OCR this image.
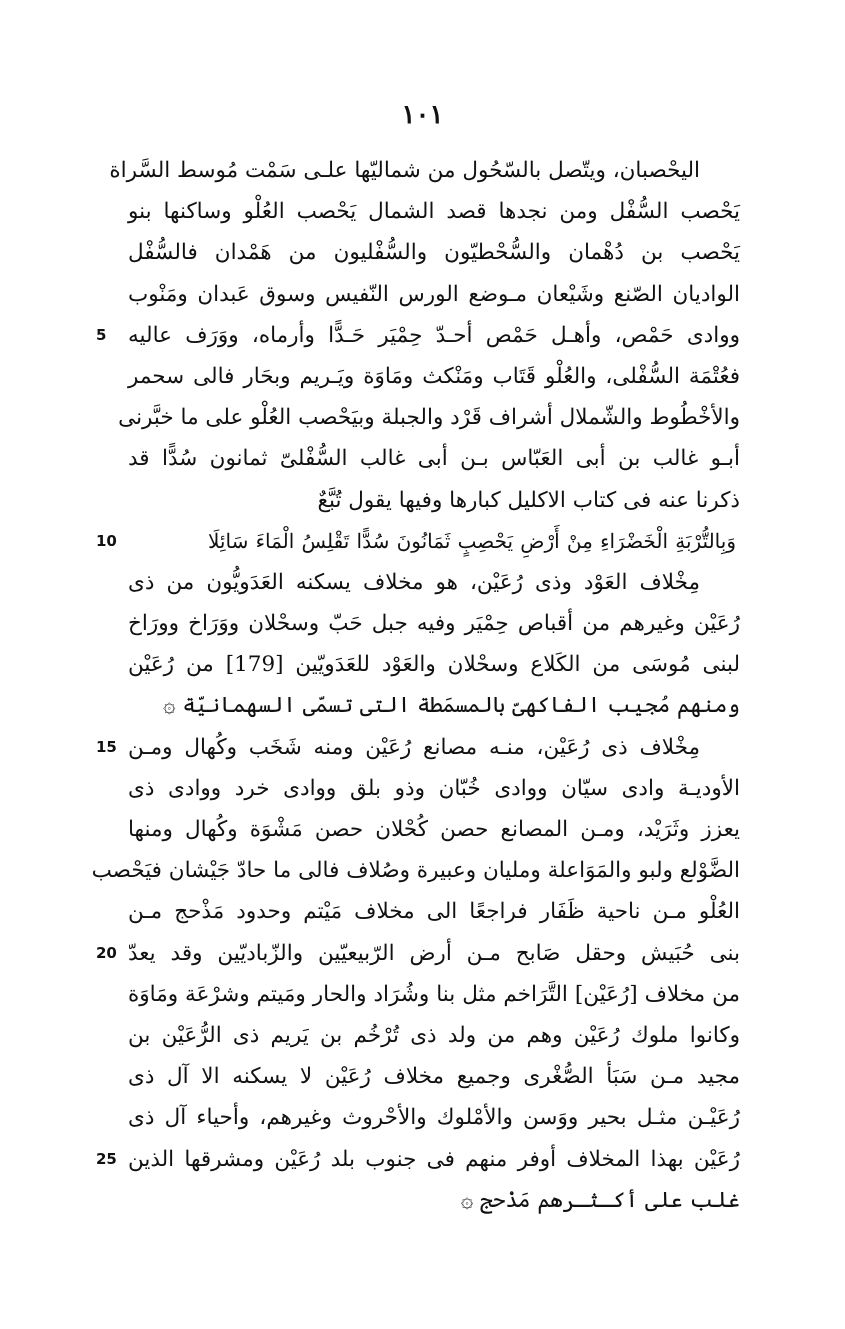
١٠١
اليحْصبان، ويتّصل بالسّحُول من شماليّها علـى سَمْت مُوسط السَّراة
يَحْصب السُّفْل ومن نجدها قصد الشمال يَحْصب العُلْو وساكنها بنو
يَحْصب بن دُهْمان والسُّحْطيّون والسُّفْليون من هَمْدان فالسُّفْل
الواديان الصّنع وشَيْعان مـوضع الورس النّفيس وسوق عَبدان ومَنْوب
ووادى حَمْص، وأهـل حَمْص أحـدّ حِمْيَر حَـدًّا وأرماه، ووَرَف عاليه
5
فعُتْمَة السُّفْلى، والعُلْو قَتَاب ومَنْكث ومَاوَة ويَـريم وبحَار فالى سحمر
والأخْطُوط والشّملال أشراف قَرْد والجبلة وبيَحْصب العُلْو على ما خبَّرنى
أبـو غالب بن أبى العَبّاس بـن أبى غالب السُّفْلىّ ثمانون سُدًّا قد
ذكرنا عنه فى كتاب الاكليل كبارها وفيها يقول تُبَّعٌ
وَبِالتُّرْبَةِ الْخَضْرَاءِ مِنْ أَرْضِ يَحْصِبٍ ثَمَانُونَ سُدًّا تَقْلِسُ الْمَاءَ سَائِلَا
10
مِخْلاف العَوْد وذى رُعَيْن، هو مخلاف يسكنه العَدَويُّون من ذى
رُعَيْن وغيرهم من أقباص حِمْيَر وفيه جبل حَبّ وسحْلان ووَرَاخ وورَاخ
لبنى مُوسَى من الكَلاع وسحْلان والعَوْد للعَدَويّين [179] من رُعَيْن
ومنهم مُجيب الفاكهىّ بالمسمَطة التى تسمّى السهمانيّة ۞
مِخْلاف ذى رُعَيْن، منـه مصانع رُعَيْن ومنه شَخَب وكُهال ومـن
15
الأوديـة وادى سيّان ووادى خُبّان وذو بلق ووادى خرد ووادى ذى
يعزز وثَرَيْد، ومـن المصانع حصن كُحْلان حصن مَشْوَة وكُهال ومنها
الضَّوْلع ولبو والمَوَاعلة ومليان وعبيرة وصُلاف فالى ما حادّ جَيْشان فيَحْصب
العُلْو مـن ناحية ظَفَار فراجعًا الى مخلاف مَيْتم وحدود مَذْحج مـن
بنى حُبَيش وحقل صَابح مـن أرض الرّبيعيّين والزّباديّين وقد يعدّ
20
من مخلاف [رُعَيْن] التَّرَاخم مثل بنا وشُرَاد والحار ومَيتم وشرْعَة ومَاوَة
وكانوا ملوك رُعَيْن وهم من ولد ذى تُرْخُم بن يَريم ذى الرُّعَيْن بن
مجيد مـن سَبَأ الصُّغْرى وجميع مخلاف رُعَيْن لا يسكنه الا آل ذى
رُعَيْـن مثـل بحير ووَسن والأمْلوك والأحْروث وغيرهم، وأحياء آل ذى
رُعَيْن بهذا المخلاف أوفر منهم فى جنوب بلد رُعَيْن ومشرقها الذين
25
غلب على أكـثـرهم مَذْحج ۞
